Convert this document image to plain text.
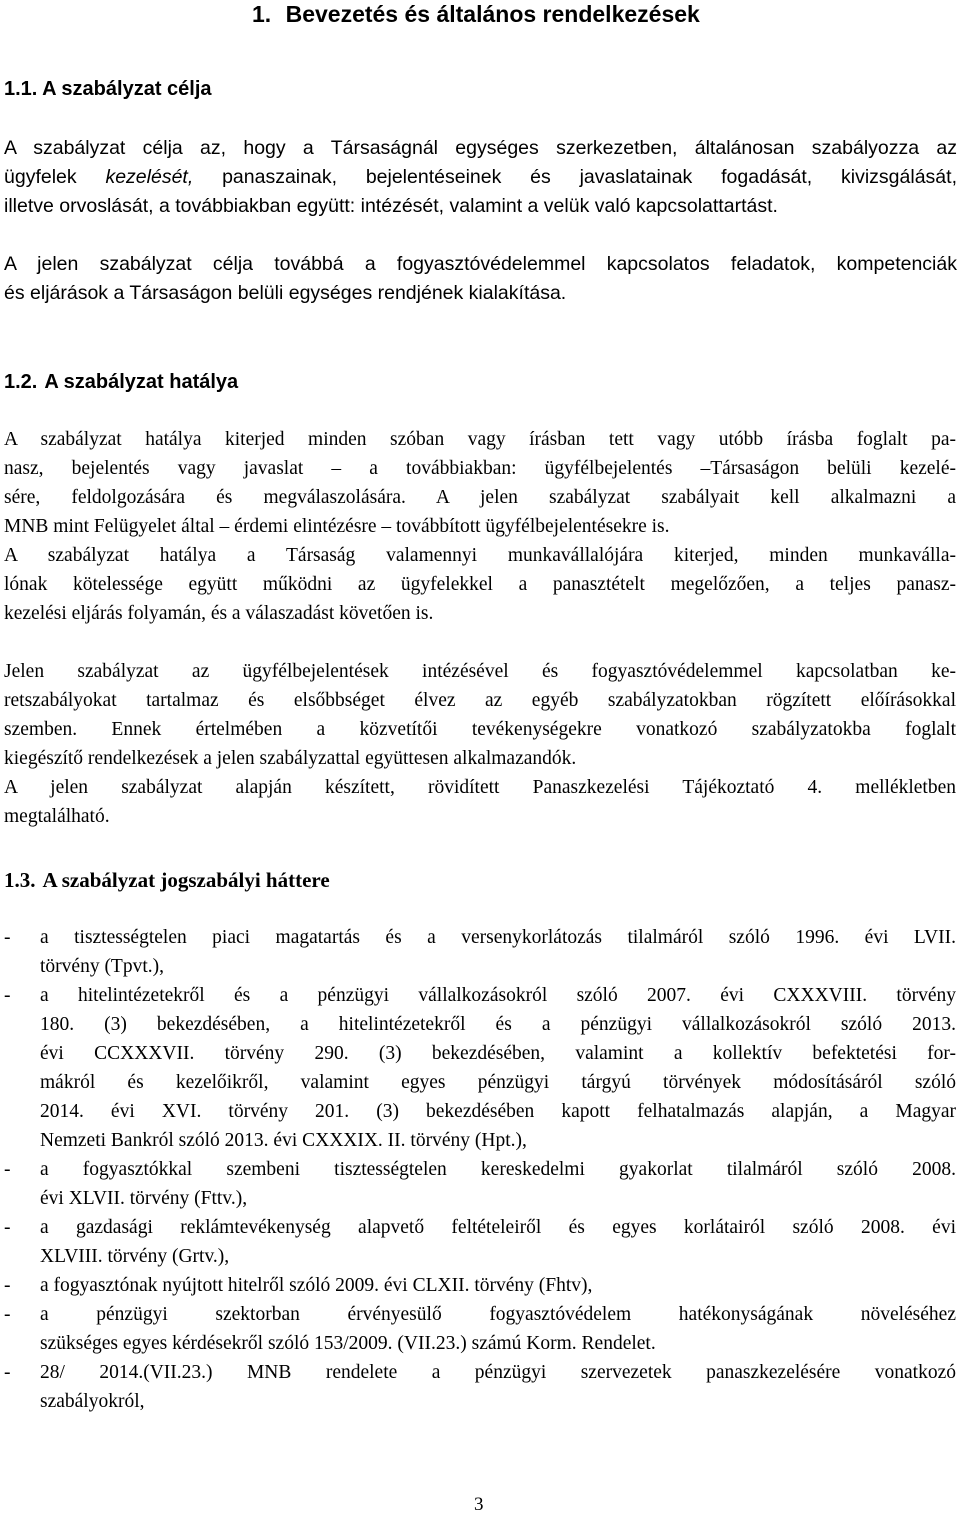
1. Bevezetés és általános rendelkezések
1.1. A szabályzat célja
A szabályzat célja az, hogy a Társaságnál egységes szerkezetben, általánosan szabályozza az
ügyfelek kezelését, panaszainak, bejelentéseinek és javaslatainak fogadását, kivizsgálását,
illetve orvoslását, a továbbiakban együtt: intézését, valamint a velük való kapcsolattartást.
A jelen szabályzat célja továbbá a fogyasztóvédelemmel kapcsolatos feladatok, kompetenciák
és eljárások a Társaságon belüli egységes rendjének kialakítása.
1.2. A szabályzat hatálya
A szabályzat hatálya kiterjed minden szóban vagy írásban tett vagy utóbb írásba foglalt pa-
nasz, bejelentés vagy javaslat – a továbbiakban: ügyfélbejelentés –Társaságon belüli kezelé-
sére, feldolgozására és megválaszolására. A jelen szabályzat szabályait kell alkalmazni a
MNB mint Felügyelet által – érdemi elintézésre – továbbított ügyfélbejelentésekre is.
A szabályzat hatálya a Társaság valamennyi munkavállalójára kiterjed, minden munkaválla-
lónak kötelessége együtt működni az ügyfelekkel a panasztételt megelőzően, a teljes panasz-
kezelési eljárás folyamán, és a válaszadást követően is.
Jelen szabályzat az ügyfélbejelentések intézésével és fogyasztóvédelemmel kapcsolatban ke-
retszabályokat tartalmaz és elsőbbséget élvez az egyéb szabályzatokban rögzített előírásokkal
szemben. Ennek értelmében a közvetítői tevékenységekre vonatkozó szabályzatokba foglalt
kiegészítő rendelkezések a jelen szabályzattal együttesen alkalmazandók.
A jelen szabályzat alapján készített, rövidített Panaszkezelési Tájékoztató 4. mellékletben
megtalálható.
1.3. A szabályzat jogszabályi háttere
- a tisztességtelen piaci magatartás és a versenykorlátozás tilalmáról szóló 1996. évi LVII.
törvény (Tpvt.),
- a hitelintézetekről és a pénzügyi vállalkozásokról szóló 2007. évi CXXXVIII. törvény
180. (3) bekezdésében, a hitelintézetekről és a pénzügyi vállalkozásokról szóló 2013.
évi CCXXXVII. törvény 290. (3) bekezdésében, valamint a kollektív befektetési for-
mákról és kezelőikről, valamint egyes pénzügyi tárgyú törvények módosításáról szóló
2014. évi XVI. törvény 201. (3) bekezdésében kapott felhatalmazás alapján, a Magyar
Nemzeti Bankról szóló 2013. évi CXXXIX. II. törvény (Hpt.),
- a fogyasztókkal szembeni tisztességtelen kereskedelmi gyakorlat tilalmáról szóló 2008.
évi XLVII. törvény (Fttv.),
- a gazdasági reklámtevékenység alapvető feltételeiről és egyes korlátairól szóló 2008. évi
XLVIII. törvény (Grtv.),
- a fogyasztónak nyújtott hitelről szóló 2009. évi CLXII. törvény (Fhtv),
- a pénzügyi szektorban érvényesülő fogyasztóvédelem hatékonyságának növeléséhez
szükséges egyes kérdésekről szóló 153/2009. (VII.23.) számú Korm. Rendelet.
- 28/ 2014.(VII.23.) MNB rendelete a pénzügyi szervezetek panaszkezelésére vonatkozó
szabályokról,
3
